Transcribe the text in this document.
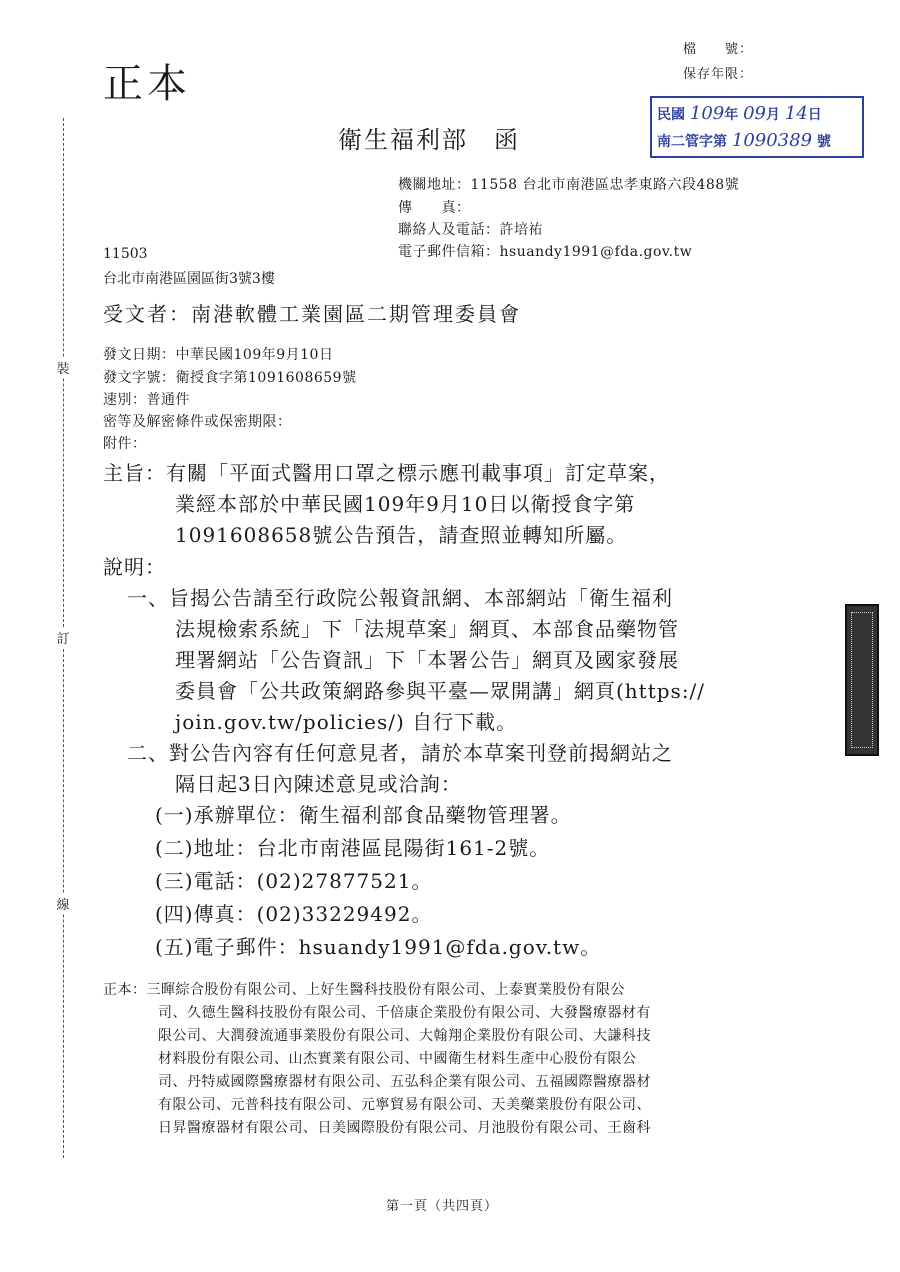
裝
訂
線
正本
檔　　號：
保存年限：
民國 109年 09月 14日
南二管字第 1090389 號
衛生福利部　函
機關地址：11558 台北市南港區忠孝東路六段488號
傳　　真：
聯絡人及電話：許培祐
電子郵件信箱：hsuandy1991@fda.gov.tw
11503
台北市南港區園區街3號3樓
受文者：南港軟體工業園區二期管理委員會
發文日期：中華民國109年9月10日
發文字號：衛授食字第1091608659號
速別：普通件
密等及解密條件或保密期限：
附件：
主旨：有關「平面式醫用口罩之標示應刊載事項」訂定草案，
業經本部於中華民國109年9月10日以衛授食字第
1091608658號公告預告，請查照並轉知所屬。
說明：
一、旨揭公告請至行政院公報資訊網、本部網站「衛生福利
法規檢索系統」下「法規草案」網頁、本部食品藥物管
理署網站「公告資訊」下「本署公告」網頁及國家發展
委員會「公共政策網路參與平臺—眾開講」網頁(https://
join.gov.tw/policies/) 自行下載。
二、對公告內容有任何意見者，請於本草案刊登前揭網站之
隔日起3日內陳述意見或洽詢：
(一)承辦單位：衛生福利部食品藥物管理署。
(二)地址：台北市南港區昆陽街161-2號。
(三)電話：(02)27877521。
(四)傳真：(02)33229492。
(五)電子郵件：hsuandy1991@fda.gov.tw。
正本：三暉綜合股份有限公司、上好生醫科技股份有限公司、上泰實業股份有限公
司、久德生醫科技股份有限公司、千倍康企業股份有限公司、大發醫療器材有
限公司、大潤發流通事業股份有限公司、大翰翔企業股份有限公司、大謙科技
材料股份有限公司、山杰實業有限公司、中國衛生材料生產中心股份有限公
司、丹特威國際醫療器材有限公司、五弘科企業有限公司、五福國際醫療器材
有限公司、元普科技有限公司、元寧貿易有限公司、天美藥業股份有限公司、
日昇醫療器材有限公司、日美國際股份有限公司、月池股份有限公司、王齒科
第一頁（共四頁）
